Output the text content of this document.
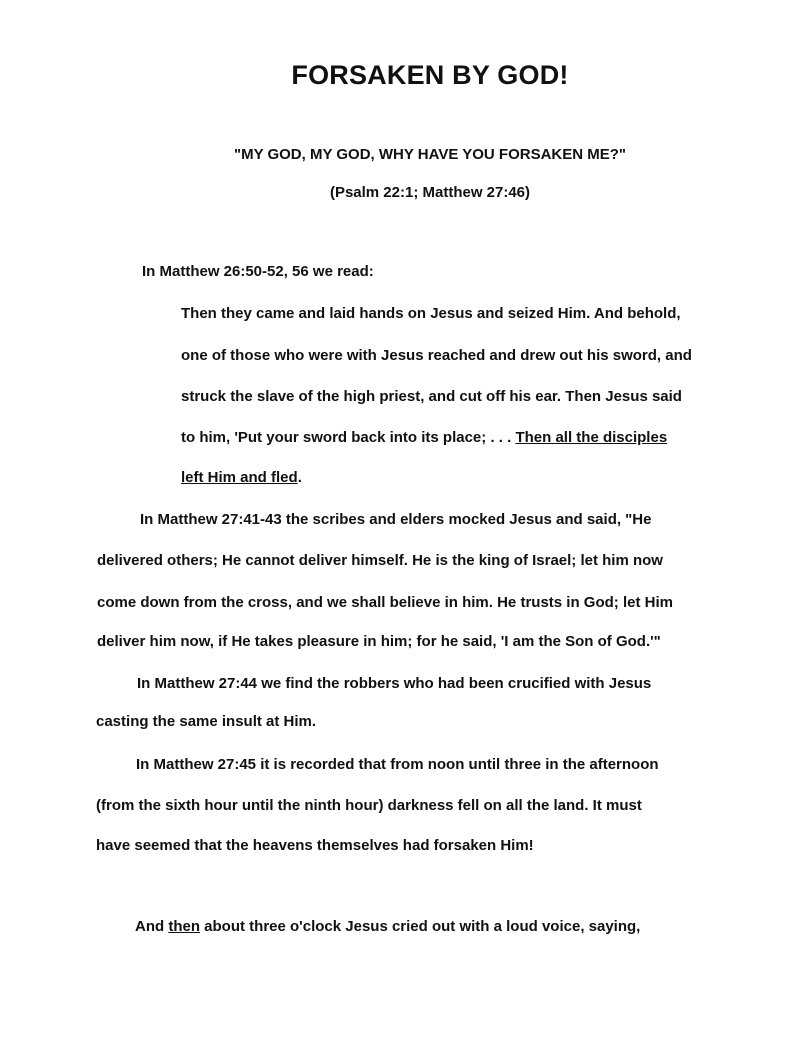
FORSAKEN BY GOD!

"MY GOD, MY GOD, WHY HAVE YOU FORSAKEN ME?"

(Psalm 22:1; Matthew 27:46)

In Matthew 26:50-52, 56 we read:

Then they came and laid hands on Jesus and seized Him. And behold,

one of those who were with Jesus reached and drew out his sword, and

struck the slave of the high priest, and cut off his ear. Then Jesus said

to him, 'Put your sword back into its place; . . . Then all the disciples

left Him and fled.

In Matthew 27:41-43 the scribes and elders mocked Jesus and said, "He

delivered others; He cannot deliver himself. He is the king of Israel; let him now

come down from the cross, and we shall believe in him. He trusts in God; let Him

deliver him now, if He takes pleasure in him; for he said, 'I am the Son of God.'"

In Matthew 27:44 we find the robbers who had been crucified with Jesus

casting the same insult at Him.

In Matthew 27:45 it is recorded that from noon until three in the afternoon

(from the sixth hour until the ninth hour) darkness fell on all the land. It must

have seemed that the heavens themselves had forsaken Him!

And then about three o'clock Jesus cried out with a loud voice, saying,
